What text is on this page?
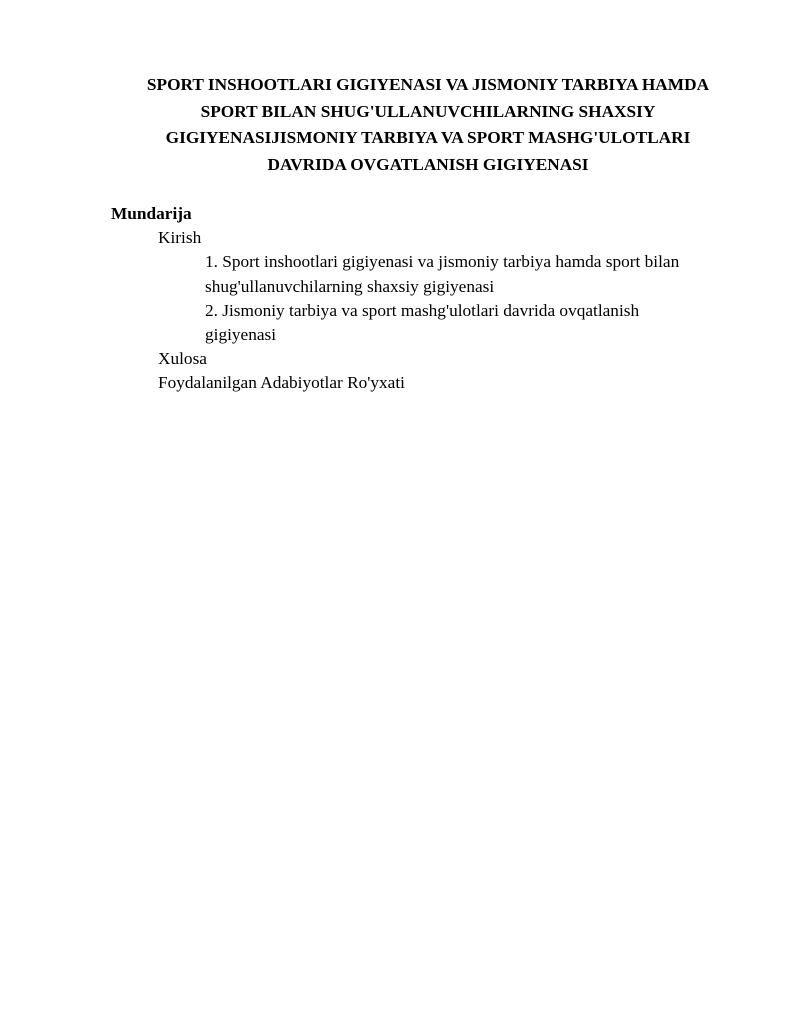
SPORT INSHOOTLARI GIGIYENASI VA JISMONIY TARBIYA HAMDA
SPORT BILAN SHUG'ULLANUVCHILARNING SHAXSIY
GIGIYENASIJISMONIY TARBIYA VA SPORT MASHG'ULOTLARI
DAVRIDA OVGATLANISH GIGIYENASI

Mundarija

Kirish

1. Sport inshootlari gigiyenasi va jismoniy tarbiya hamda sport bilan
shug'ullanuvchilarning shaxsiy gigiyenasi

2. Jismoniy tarbiya va sport mashg'ulotlari davrida ovqatlanish
gigiyenasi

Xulosa

Foydalanilgan Adabiyotlar Ro'yxati
